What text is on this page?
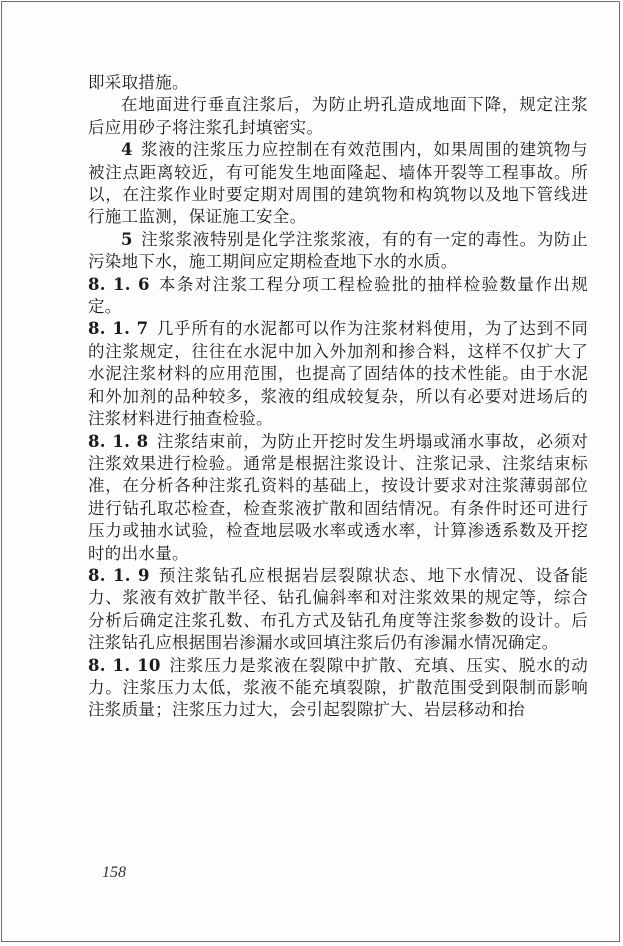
即采取措施。

在地面进行垂直注浆后，为防止坍孔造成地面下降，规定注浆后应用砂子将注浆孔封填密实。

4 浆液的注浆压力应控制在有效范围内，如果周围的建筑物与被注点距离较近，有可能发生地面隆起、墙体开裂等工程事故。所以，在注浆作业时要定期对周围的建筑物和构筑物以及地下管线进行施工监测，保证施工安全。

5 注浆浆液特别是化学注浆浆液，有的有一定的毒性。为防止污染地下水，施工期间应定期检查地下水的水质。

8. 1. 6 本条对注浆工程分项工程检验批的抽样检验数量作出规定。

8. 1. 7 几乎所有的水泥都可以作为注浆材料使用，为了达到不同的注浆规定，往往在水泥中加入外加剂和掺合料，这样不仅扩大了水泥注浆材料的应用范围，也提高了固结体的技术性能。由于水泥和外加剂的品种较多，浆液的组成较复杂，所以有必要对进场后的注浆材料进行抽查检验。

8. 1. 8 注浆结束前，为防止开挖时发生坍塌或涌水事故，必须对注浆效果进行检验。通常是根据注浆设计、注浆记录、注浆结束标准，在分析各种注浆孔资料的基础上，按设计要求对注浆薄弱部位进行钻孔取芯检查，检查浆液扩散和固结情况。有条件时还可进行压力或抽水试验，检查地层吸水率或透水率，计算渗透系数及开挖时的出水量。

8. 1. 9 预注浆钻孔应根据岩层裂隙状态、地下水情况、设备能力、浆液有效扩散半径、钻孔偏斜率和对注浆效果的规定等，综合分析后确定注浆孔数、布孔方式及钻孔角度等注浆参数的设计。后注浆钻孔应根据围岩渗漏水或回填注浆后仍有渗漏水情况确定。

8. 1. 10 注浆压力是浆液在裂隙中扩散、充填、压实、脱水的动力。注浆压力太低，浆液不能充填裂隙，扩散范围受到限制而影响注浆质量；注浆压力过大，会引起裂隙扩大、岩层移动和抬

158
